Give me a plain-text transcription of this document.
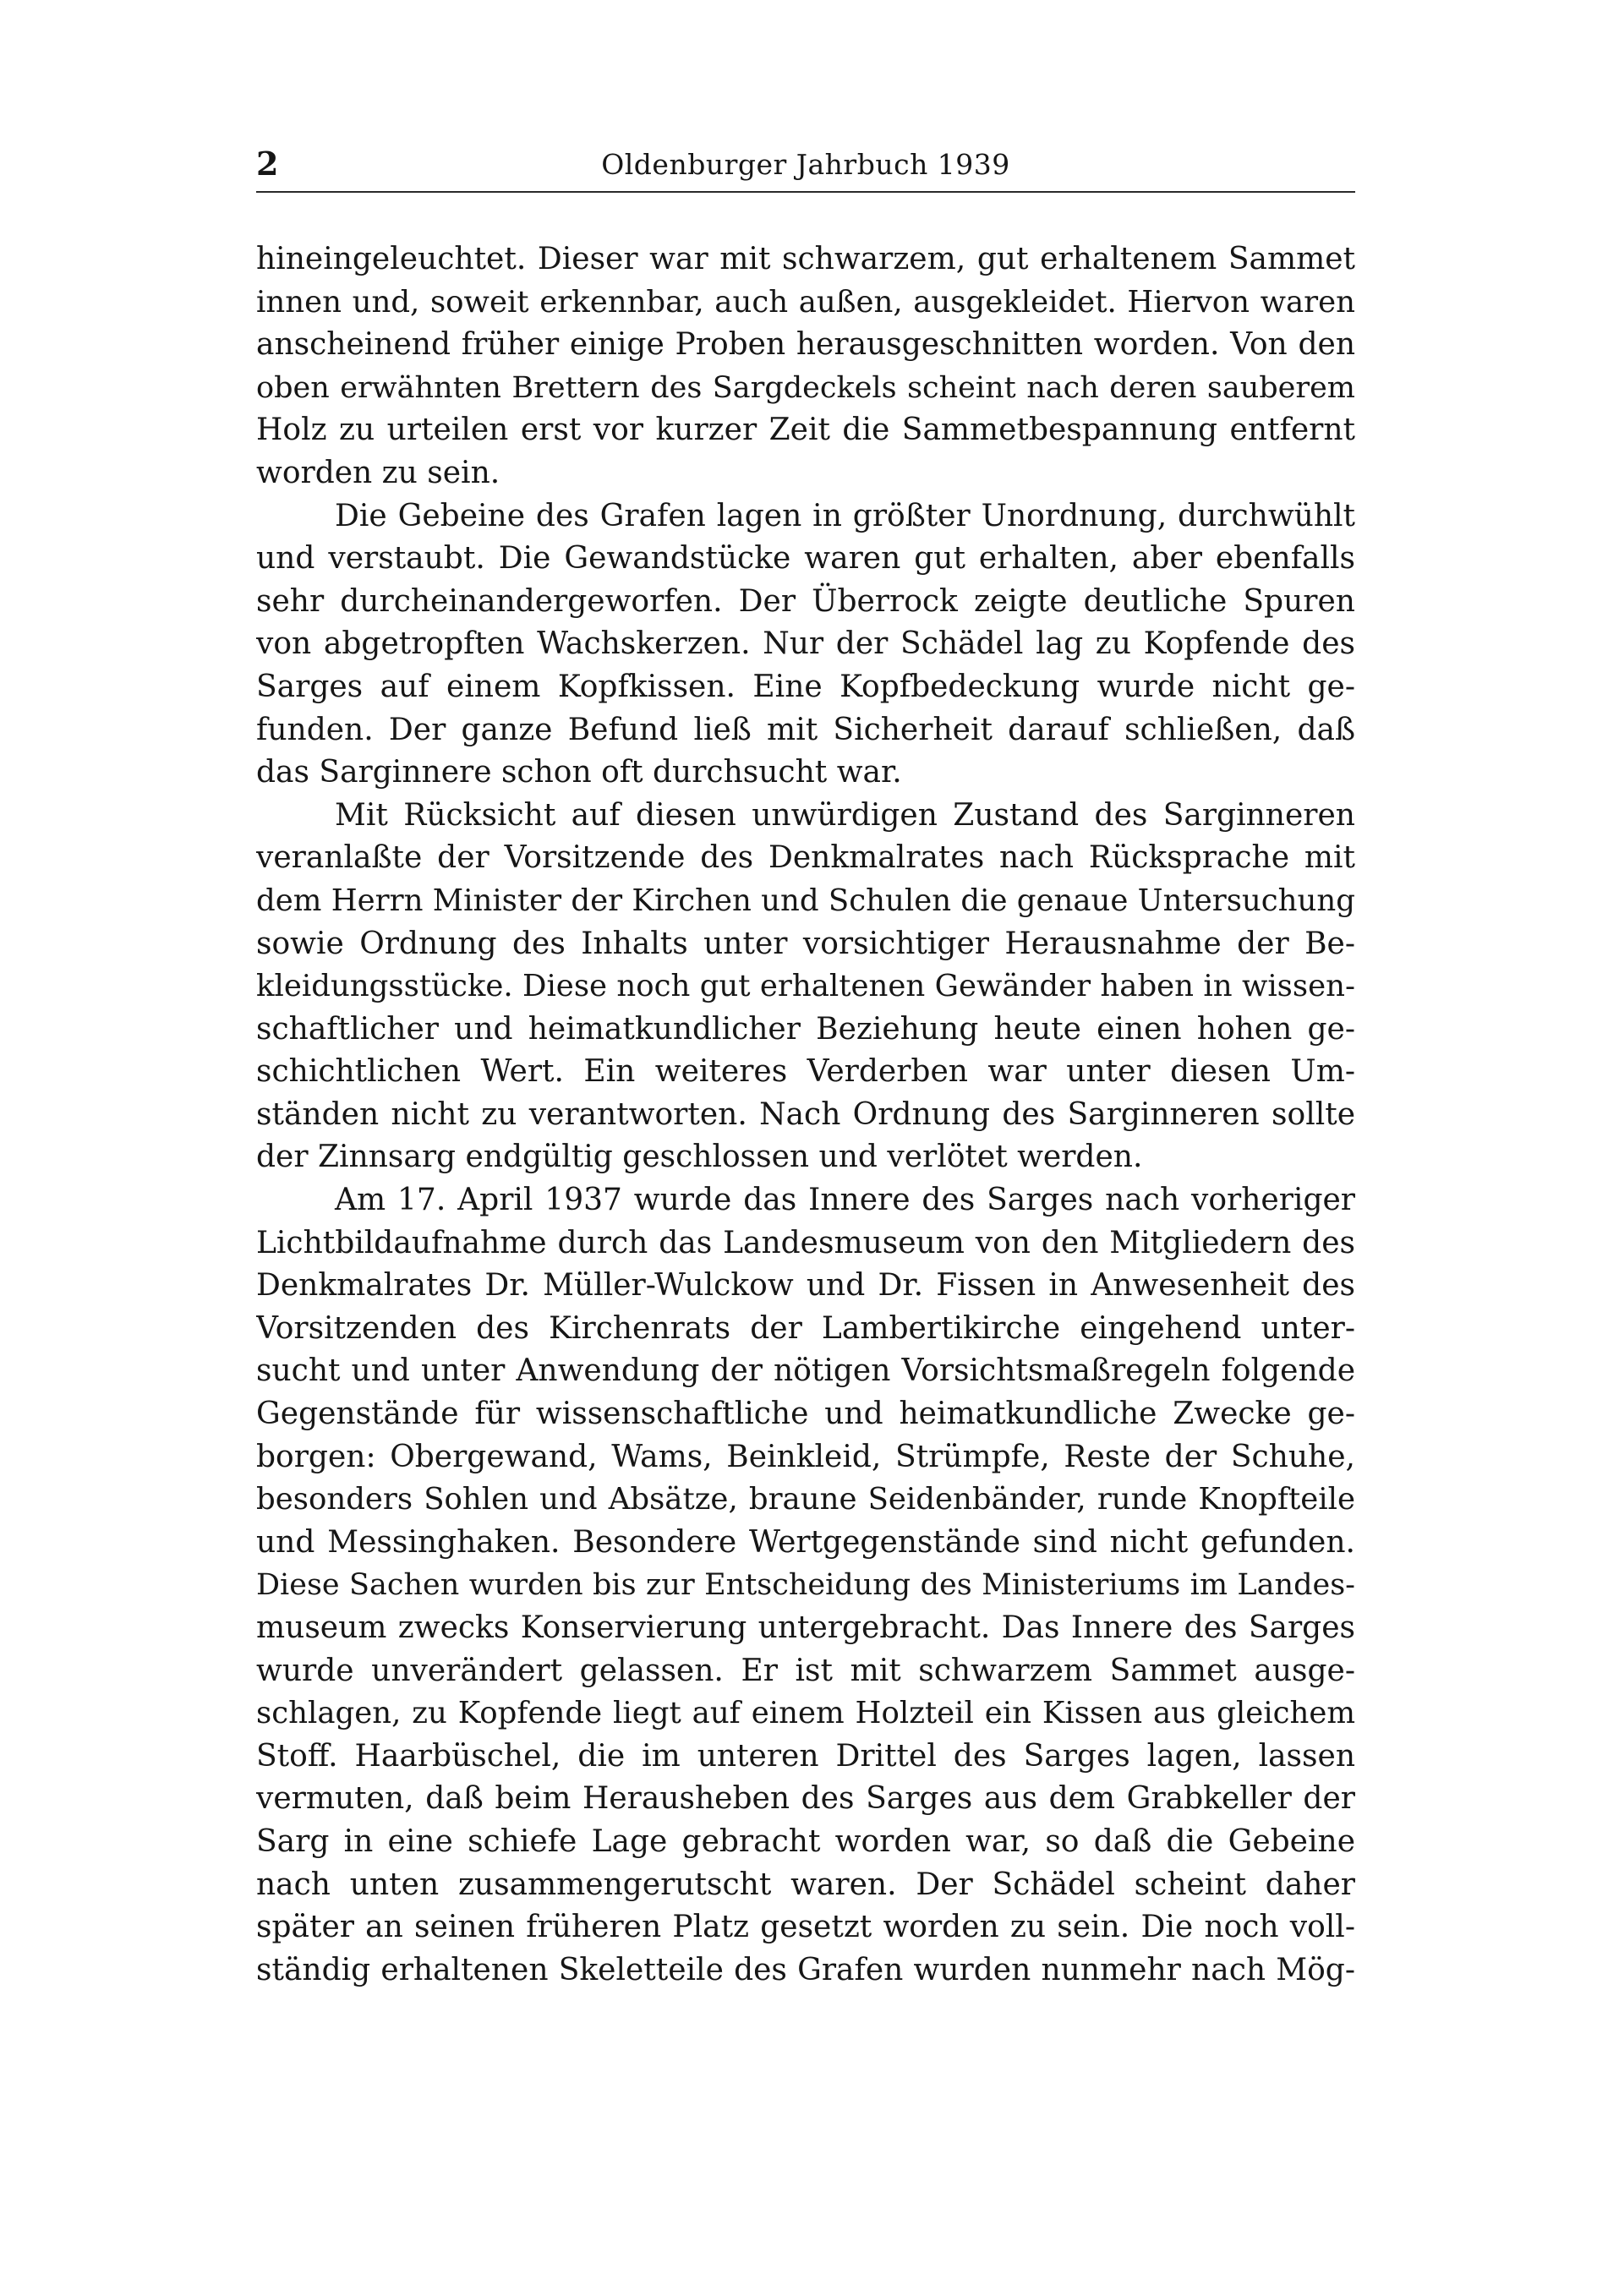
2	Oldenburger Jahrbuch 1939
hineingeleuchtet. Dieser war mit schwarzem, gut erhaltenem Sammet
innen und, soweit erkennbar, auch außen, ausgekleidet. Hiervon waren
anscheinend früher einige Proben herausgeschnitten worden. Von den
oben erwähnten Brettern des Sargdeckels scheint nach deren sauberem
Holz zu urteilen erst vor kurzer Zeit die Sammetbespannung entfernt
worden zu sein.
Die Gebeine des Grafen lagen in größter Unordnung, durchwühlt
und verstaubt. Die Gewandstücke waren gut erhalten, aber ebenfalls
sehr durcheinandergeworfen. Der Überrock zeigte deutliche Spuren
von abgetropften Wachskerzen. Nur der Schädel lag zu Kopfende des
Sarges auf einem Kopfkissen. Eine Kopfbedeckung wurde nicht ge-
funden. Der ganze Befund ließ mit Sicherheit darauf schließen, daß
das Sarginnere schon oft durchsucht war.
Mit Rücksicht auf diesen unwürdigen Zustand des Sarginneren
veranlaßte der Vorsitzende des Denkmalrates nach Rücksprache mit
dem Herrn Minister der Kirchen und Schulen die genaue Untersuchung
sowie Ordnung des Inhalts unter vorsichtiger Herausnahme der Be-
kleidungsstücke. Diese noch gut erhaltenen Gewänder haben in wissen-
schaftlicher und heimatkundlicher Beziehung heute einen hohen ge-
schichtlichen Wert. Ein weiteres Verderben war unter diesen Um-
ständen nicht zu verantworten. Nach Ordnung des Sarginneren sollte
der Zinnsarg endgültig geschlossen und verlötet werden.
Am 17. April 1937 wurde das Innere des Sarges nach vorheriger
Lichtbildaufnahme durch das Landesmuseum von den Mitgliedern des
Denkmalrates Dr. Müller-Wulckow und Dr. Fissen in Anwesenheit des
Vorsitzenden des Kirchenrats der Lambertikirche eingehend unter-
sucht und unter Anwendung der nötigen Vorsichtsmaßregeln folgende
Gegenstände für wissenschaftliche und heimatkundliche Zwecke ge-
borgen: Obergewand, Wams, Beinkleid, Strümpfe, Reste der Schuhe,
besonders Sohlen und Absätze, braune Seidenbänder, runde Knopfteile
und Messinghaken. Besondere Wertgegenstände sind nicht gefunden.
Diese Sachen wurden bis zur Entscheidung des Ministeriums im Landes-
museum zwecks Konservierung untergebracht. Das Innere des Sarges
wurde unverändert gelassen. Er ist mit schwarzem Sammet ausge-
schlagen, zu Kopfende liegt auf einem Holzteil ein Kissen aus gleichem
Stoff. Haarbüschel, die im unteren Drittel des Sarges lagen, lassen
vermuten, daß beim Herausheben des Sarges aus dem Grabkeller der
Sarg in eine schiefe Lage gebracht worden war, so daß die Gebeine
nach unten zusammengerutscht waren. Der Schädel scheint daher
später an seinen früheren Platz gesetzt worden zu sein. Die noch voll-
ständig erhaltenen Skeletteile des Grafen wurden nunmehr nach Mög-
